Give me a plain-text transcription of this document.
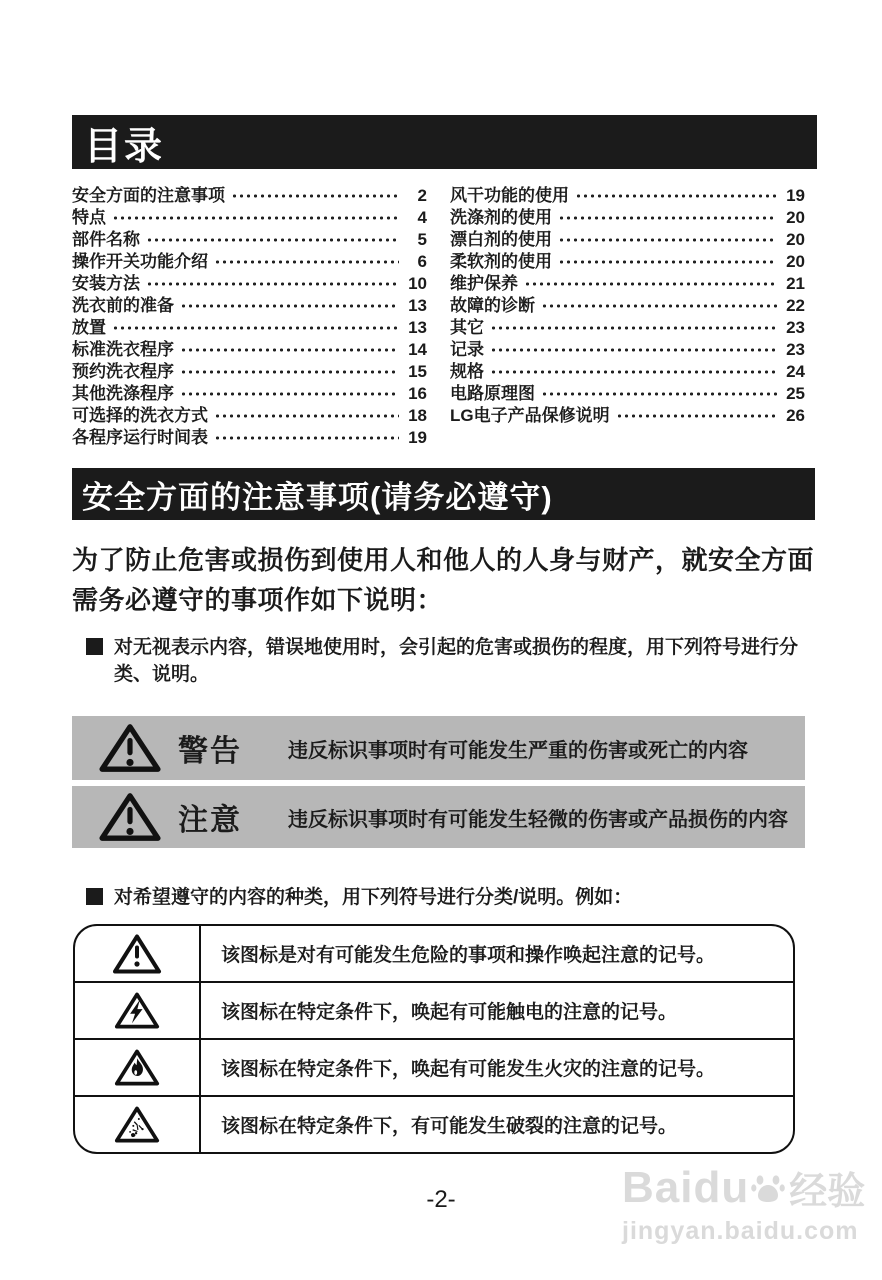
目录
安全方面的注意事项	2
特点	4
部件名称	5
操作开关功能介绍	6
安装方法	10
洗衣前的准备	13
放置	13
标准洗衣程序	14
预约洗衣程序	15
其他洗涤程序	16
可选择的洗衣方式	18
各程序运行时间表	19
风干功能的使用	19
洗涤剂的使用	20
漂白剂的使用	20
柔软剂的使用	20
维护保养	21
故障的诊断	22
其它	23
记录	23
规格	24
电路原理图	25
LG电子产品保修说明	26
安全方面的注意事项(请务必遵守)
为了防止危害或损伤到使用人和他人的人身与财产，就安全方面需务必遵守的事项作如下说明：
对无视表示内容，错误地使用时，会引起的危害或损伤的程度，用下列符号进行分类、说明。
警告 违反标识事项时有可能发生严重的伤害或死亡的内容
注意 违反标识事项时有可能发生轻微的伤害或产品损伤的内容
对希望遵守的内容的种类，用下列符号进行分类/说明。例如：
该图标是对有可能发生危险的事项和操作唤起注意的记号。
该图标在特定条件下，唤起有可能触电的注意的记号。
该图标在特定条件下，唤起有可能发生火灾的注意的记号。
该图标在特定条件下，有可能发生破裂的注意的记号。
-2-	Baidu 经验
jingyan.baidu.com
